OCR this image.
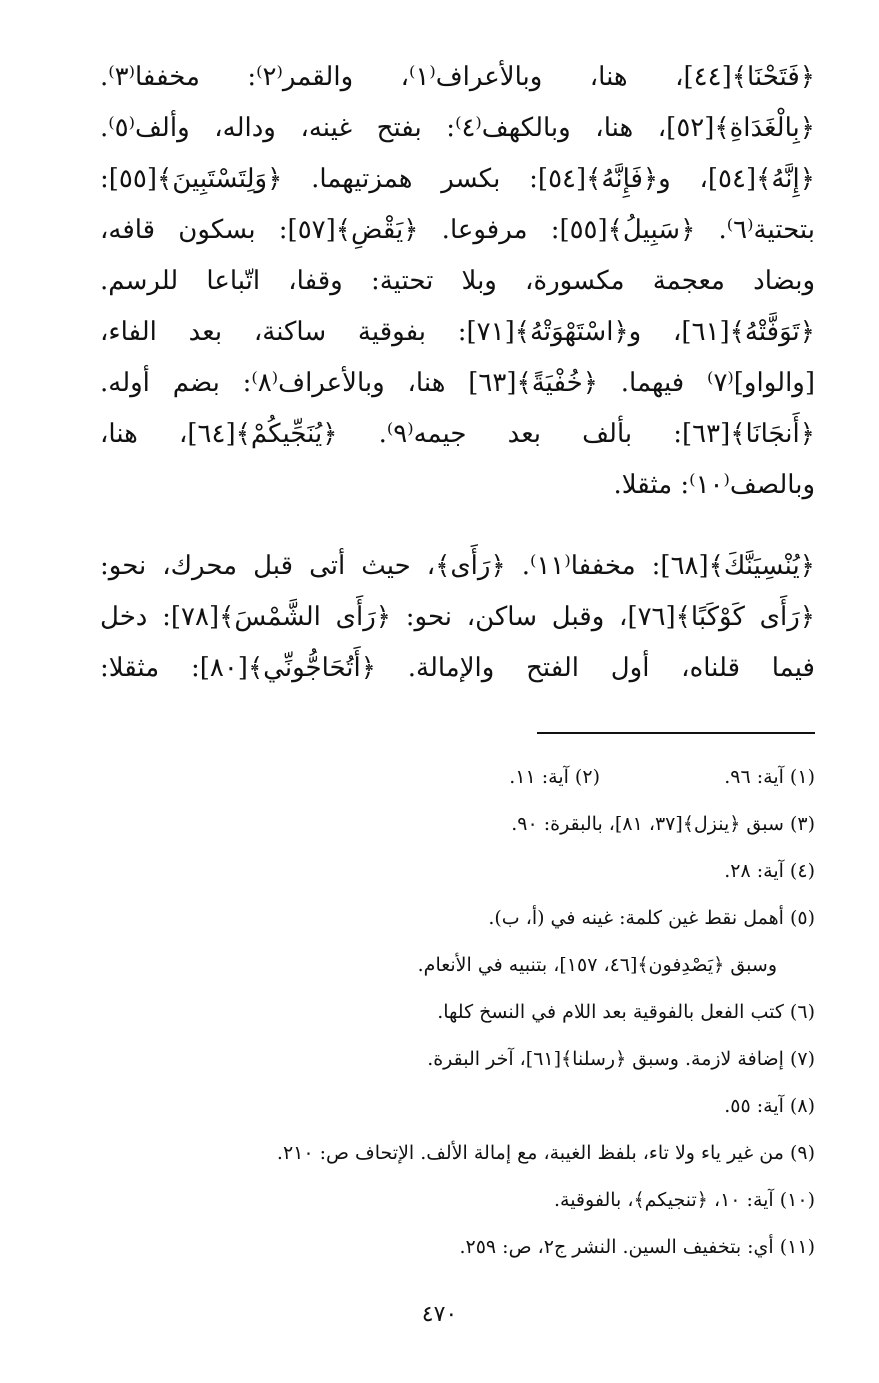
﴿فَتَحْنَا﴾[٤٤]، هنا، وبالأعراف⁽١⁾، والقمر⁽٢⁾: مخففا⁽٣⁾.
﴿بِالْغَدَاةِ﴾[٥٢]، هنا، وبالكهف⁽٤⁾: بفتح غينه، وداله، وألف⁽٥⁾.
﴿إِنَّهُ﴾[٥٤]، و﴿فَإِنَّهُ﴾[٥٤]: بكسر همزتيهما. ﴿وَلِتَسْتَبِينَ﴾[٥٥]:
بتحتية⁽٦⁾. ﴿سَبِيلُ﴾[٥٥]: مرفوعا. ﴿يَقْضِ﴾[٥٧]: بسكون قافه،
وبضاد معجمة مكسورة، وبلا تحتية: وقفا، اتّباعا للرسم.
﴿تَوَفَّتْهُ﴾[٦١]، و﴿اسْتَهْوَتْهُ﴾[٧١]: بفوقية ساكنة، بعد الفاء،
[والواو]⁽٧⁾ فيهما. ﴿خُفْيَةً﴾[٦٣] هنا، وبالأعراف⁽٨⁾: بضم أوله.
﴿أَنجَانَا﴾[٦٣]: بألف بعد جيمه⁽٩⁾. ﴿يُنَجِّيكُمْ﴾[٦٤]، هنا،
وبالصف⁽١٠⁾: مثقلا.
﴿يُنْسِيَنَّكَ﴾[٦٨]: مخففا⁽١١⁾. ﴿رَأَى﴾، حيث أتى قبل محرك، نحو:
﴿رَأَى كَوْكَبًا﴾[٧٦]، وقبل ساكن، نحو: ﴿رَأَى الشَّمْسَ﴾[٧٨]: دخل
فيما قلناه، أول الفتح والإمالة. ﴿أَتُحَاجُّونِّي﴾[٨٠]: مثقلا:
(١) آية: ٩٦.
(٢) آية: ١١.
(٣) سبق ﴿ينزل﴾[٣٧، ٨١]، بالبقرة: ٩٠.
(٤) آية: ٢٨.
(٥) أهمل نقط غين كلمة: غينه في (أ، ب).
وسبق ﴿يَصْدِفون﴾[٤٦، ١٥٧]، بتنبيه في الأنعام.
(٦) كتب الفعل بالفوقية بعد اللام في النسخ كلها.
(٧) إضافة لازمة. وسبق ﴿رسلنا﴾[٦١]، آخر البقرة.
(٨) آية: ٥٥.
(٩) من غير ياء ولا تاء، بلفظ الغيبة، مع إمالة الألف. الإتحاف ص: ٢١٠.
(١٠) آية: ١٠، ﴿تنجيكم﴾، بالفوقية.
(١١) أي: بتخفيف السين. النشر ج٢، ص: ٢٥٩.
٤٧٠
